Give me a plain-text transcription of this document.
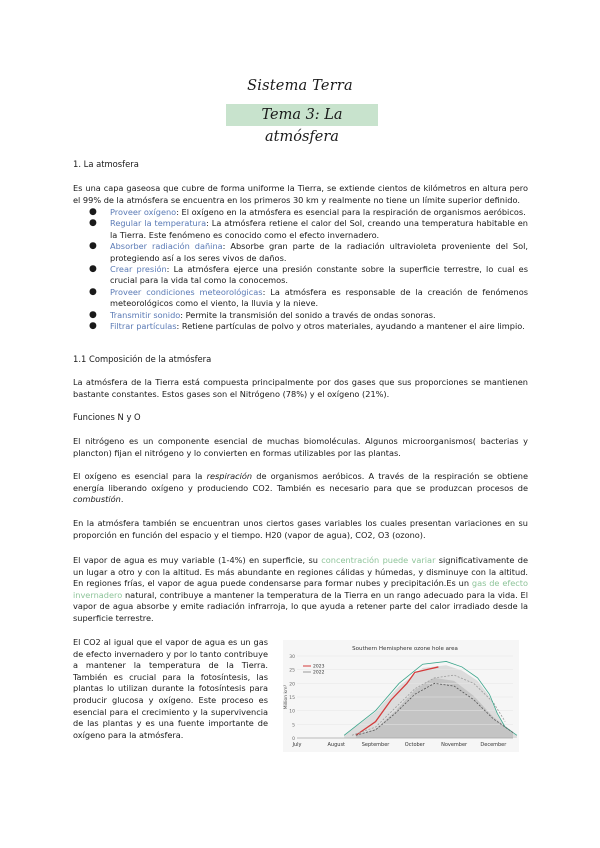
Sistema Terra
Tema 3: La atmósfera
1. La atmosfera

Es una capa gaseosa que cubre de forma uniforme la Tierra, se extiende cientos de kilómetros en altura pero el 99% de la atmósfera se encuentra en los primeros 30 km y realmente no tiene un límite superior definido.

● Proveer oxígeno: El oxígeno en la atmósfera es esencial para la respiración de organismos aeróbicos.
● Regular la temperatura: La atmósfera retiene el calor del Sol, creando una temperatura habitable en la Tierra. Este fenómeno es conocido como el efecto invernadero.
● Absorber radiación dañina: Absorbe gran parte de la radiación ultravioleta proveniente del Sol, protegiendo así a los seres vivos de daños.
● Crear presión: La atmósfera ejerce una presión constante sobre la superficie terrestre, lo cual es crucial para la vida tal como la conocemos.
● Proveer condiciones meteorológicas: La atmósfera es responsable de la creación de fenómenos meteorológicos como el viento, la lluvia y la nieve.
● Transmitir sonido: Permite la transmisión del sonido a través de ondas sonoras.
● Filtrar partículas: Retiene partículas de polvo y otros materiales, ayudando a mantener el aire limpio.
1.1 Composición de la atmósfera

La atmósfera de la Tierra está compuesta principalmente por dos gases que sus proporciones se mantienen bastante constantes. Estos gases son el Nitrógeno (78%) y el oxígeno (21%).

Funciones N y O

El nitrógeno es un componente esencial de muchas biomoléculas. Algunos microorganismos( bacterias y plancton) fijan el nitrógeno y lo convierten en formas utilizables por las plantas.

El oxígeno es esencial para la respiración de organismos aeróbicos. A través de la respiración se obtiene energía liberando oxígeno y produciendo CO2. También es necesario para que se produzcan procesos de combustión.

En la atmósfera también se encuentran unos ciertos gases variables los cuales presentan variaciones en su proporción en función del espacio y el tiempo. H20 (vapor de agua), CO2, O3 (ozono).

El vapor de agua es muy variable (1-4%) en superficie, su concentración puede variar significativamente de un lugar a otro y con la altitud. Es más abundante en regiones cálidas y húmedas, y disminuye con la altitud. En regiones frías, el vapor de agua puede condensarse para formar nubes y precipitación.Es un gas de efecto invernadero natural, contribuye a mantener la temperatura de la Tierra en un rango adecuado para la vida. El vapor de agua absorbe y emite radiación infrarroja, lo que ayuda a retener parte del calor irradiado desde la superficie terrestre.

El CO2 al igual que el vapor de agua es un gas de efecto invernadero y por lo tanto contribuye a mantener la temperatura de la Tierra. También es crucial para la fotosíntesis, las plantas lo utilizan durante la fotosíntesis para producir glucosa y oxígeno. Este proceso es esencial para el crecimiento y la supervivencia de las plantas y es una fuente importante de oxígeno para la atmósfera.	0
5
10
15
20
25
30
July	August	September	October	November	December
Southern Hemisphere ozone hole area
Million km²
2023
2022
